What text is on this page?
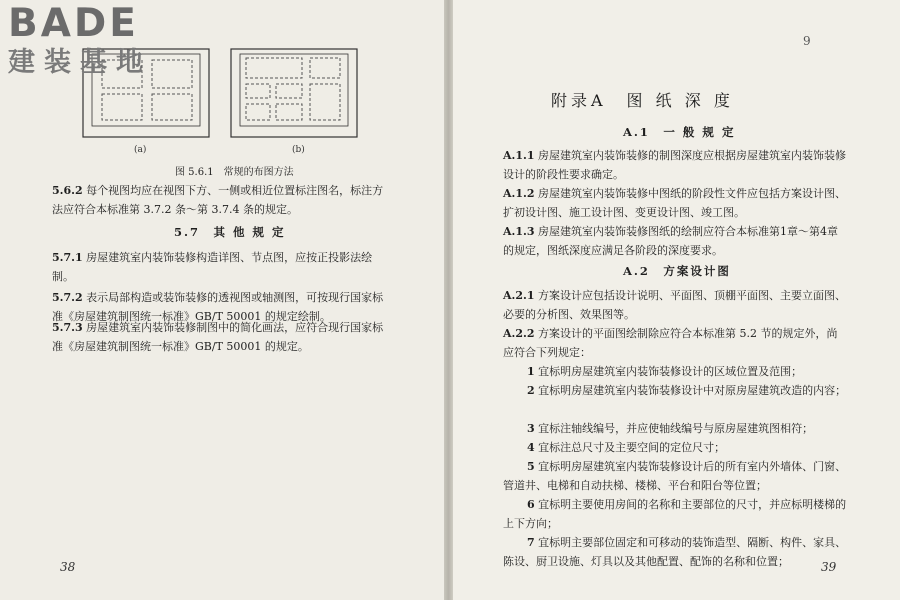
BADE
建装基地
(a)	(b)
图 5.6.1　常规的布图方法
5.6.2 每个视图均应在视图下方、一侧或相近位置标注图名，标注方法应符合本标准第 3.7.2 条～第 3.7.4 条的规定。
5.7　其 他 规 定
5.7.1 房屋建筑室内装饰装修构造详图、节点图，应按正投影法绘制。
5.7.2 表示局部构造或装饰装修的透视图或轴测图，可按现行国家标准《房屋建筑制图统一标准》GB/T 50001 的规定绘制。
5.7.3 房屋建筑室内装饰装修制图中的简化画法，应符合现行国家标准《房屋建筑制图统一标准》GB/T 50001 的规定。
38
9
附录A　图 纸 深 度
A.1　一 般 规 定
A.1.1 房屋建筑室内装饰装修的制图深度应根据房屋建筑室内装饰装修设计的阶段性要求确定。
A.1.2 房屋建筑室内装饰装修中图纸的阶段性文件应包括方案设计图、扩初设计图、施工设计图、变更设计图、竣工图。
A.1.3 房屋建筑室内装饰装修图纸的绘制应符合本标准第1章～第4章的规定，图纸深度应满足各阶段的深度要求。
A.2　方案设计图
A.2.1 方案设计应包括设计说明、平面图、顶棚平面图、主要立面图、必要的分析图、效果图等。
A.2.2 方案设计的平面图绘制除应符合本标准第 5.2 节的规定外，尚应符合下列规定：
1 宜标明房屋建筑室内装饰装修设计的区域位置及范围；
2 宜标明房屋建筑室内装饰装修设计中对原房屋建筑改造的内容；
3 宜标注轴线编号，并应使轴线编号与原房屋建筑图相符；
4 宜标注总尺寸及主要空间的定位尺寸；
5 宜标明房屋建筑室内装饰装修设计后的所有室内外墙体、门窗、管道井、电梯和自动扶梯、楼梯、平台和阳台等位置；
6 宜标明主要使用房间的名称和主要部位的尺寸，并应标明楼梯的上下方向；
7 宜标明主要部位固定和可移动的装饰造型、隔断、构件、家具、陈设、厨卫设施、灯具以及其他配置、配饰的名称和位置；	39
